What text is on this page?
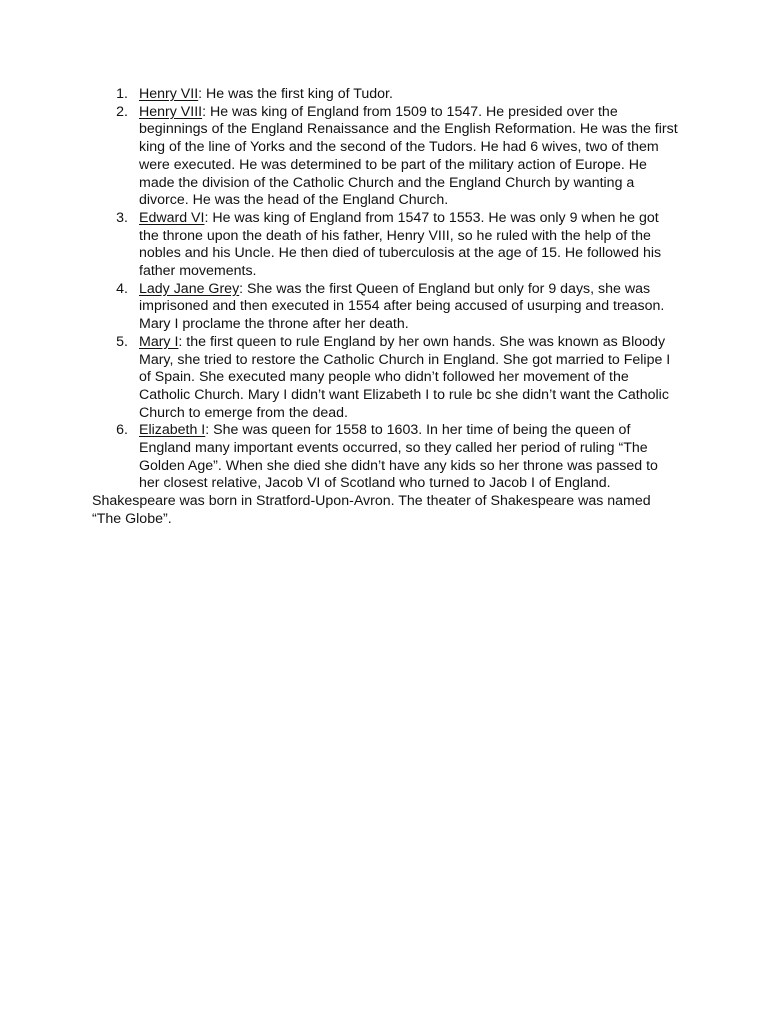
1. Henry VII: He was the first king of Tudor.
2. Henry VIII: He was king of England from 1509 to 1547. He presided over the beginnings of the England Renaissance and the English Reformation. He was the first king of the line of Yorks and the second of the Tudors. He had 6 wives, two of them were executed. He was determined to be part of the military action of Europe. He made the division of the Catholic Church and the England Church by wanting a divorce. He was the head of the England Church.
3. Edward VI: He was king of England from 1547 to 1553. He was only 9 when he got the throne upon the death of his father, Henry VIII, so he ruled with the help of the nobles and his Uncle. He then died of tuberculosis at the age of 15. He followed his father movements.
4. Lady Jane Grey: She was the first Queen of England but only for 9 days, she was imprisoned and then executed in 1554 after being accused of usurping and treason. Mary I proclame the throne after her death.
5. Mary I: the first queen to rule England by her own hands. She was known as Bloody Mary, she tried to restore the Catholic Church in England. She got married to Felipe I of Spain. She executed many people who didn’t followed her movement of the Catholic Church. Mary I didn’t want Elizabeth I to rule bc she didn’t want the Catholic Church to emerge from the dead.
6. Elizabeth I: She was queen for 1558 to 1603. In her time of being the queen of England many important events occurred, so they called her period of ruling “The Golden Age”. When she died she didn’t have any kids so her throne was passed to her closest relative, Jacob VI of Scotland who turned to Jacob I of England.

Shakespeare was born in Stratford-Upon-Avron. The theater of Shakespeare was named “The Globe”.
